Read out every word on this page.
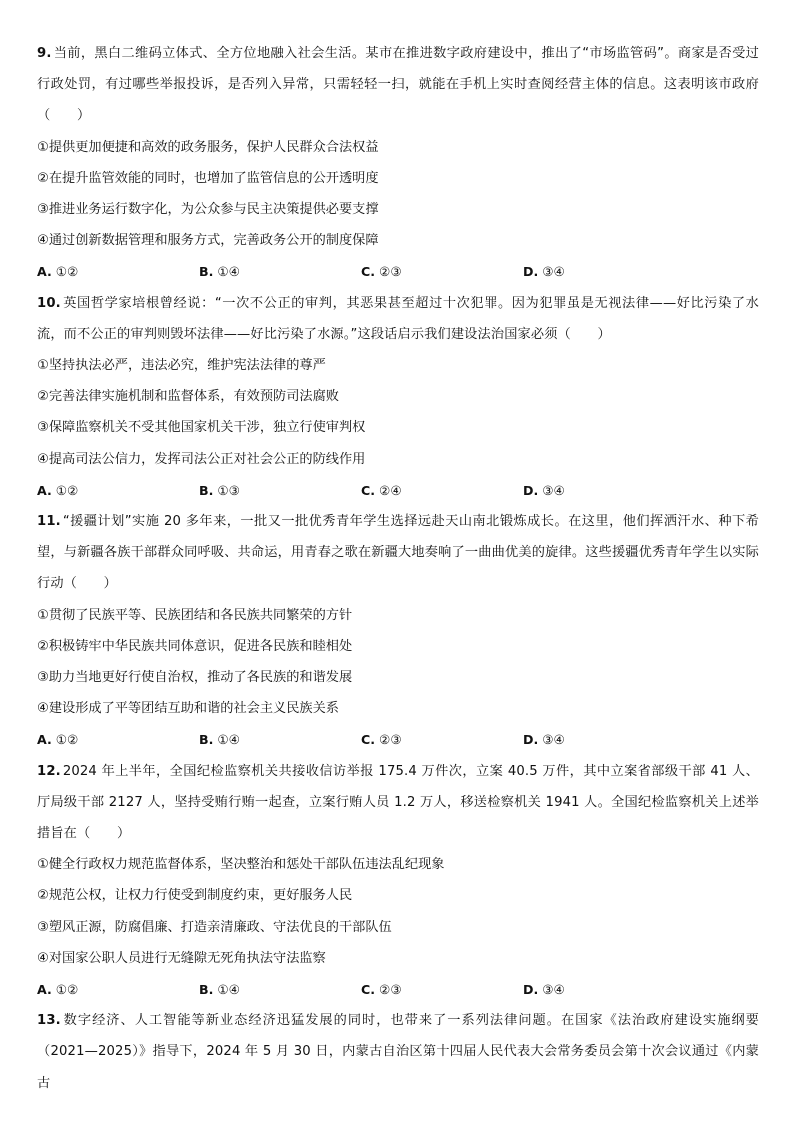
9. 当前，黑白二维码立体式、全方位地融入社会生活。某市在推进数字政府建设中，推出了“市场监管码”。商家是否受过行政处罚，有过哪些举报投诉，是否列入异常，只需轻轻一扫，就能在手机上实时查阅经营主体的信息。这表明该市政府（　　）

①提供更加便捷和高效的政务服务，保护人民群众合法权益

②在提升监管效能的同时，也增加了监管信息的公开透明度

③推进业务运行数字化，为公众参与民主决策提供必要支撑

④通过创新数据管理和服务方式，完善政务公开的制度保障

A. ①②	B. ①④	C. ②③	D. ③④

10. 英国哲学家培根曾经说：“一次不公正的审判，其恶果甚至超过十次犯罪。因为犯罪虽是无视法律——好比污染了水流，而不公正的审判则毁坏法律——好比污染了水源。”这段话启示我们建设法治国家必须（　　）

①坚持执法必严，违法必究，维护宪法法律的尊严

②完善法律实施机制和监督体系，有效预防司法腐败

③保障监察机关不受其他国家机关干涉，独立行使审判权

④提高司法公信力，发挥司法公正对社会公正的防线作用

A. ①②	B. ①③	C. ②④	D. ③④

11. “援疆计划”实施 20 多年来，一批又一批优秀青年学生选择远赴天山南北锻炼成长。在这里，他们挥洒汗水、种下希望，与新疆各族干部群众同呼吸、共命运，用青春之歌在新疆大地奏响了一曲曲优美的旋律。这些援疆优秀青年学生以实际行动（　　）

①贯彻了民族平等、民族团结和各民族共同繁荣的方针

②积极铸牢中华民族共同体意识，促进各民族和睦相处

③助力当地更好行使自治权，推动了各民族的和谐发展

④建设形成了平等团结互助和谐的社会主义民族关系

A. ①②	B. ①④	C. ②③	D. ③④

12. 2024 年上半年，全国纪检监察机关共接收信访举报 175.4 万件次，立案 40.5 万件，其中立案省部级干部 41 人、厅局级干部 2127 人，坚持受贿行贿一起查，立案行贿人员 1.2 万人，移送检察机关 1941 人。全国纪检监察机关上述举措旨在（　　）

①健全行政权力规范监督体系，坚决整治和惩处干部队伍违法乱纪现象

②规范公权，让权力行使受到制度约束，更好服务人民

③塑风正源，防腐倡廉、打造亲清廉政、守法优良的干部队伍

④对国家公职人员进行无缝隙无死角执法守法监察

A. ①②	B. ①④	C. ②③	D. ③④

13. 数字经济、人工智能等新业态经济迅猛发展的同时，也带来了一系列法律问题。在国家《法治政府建设实施纲要（2021—2025）》指导下，2024 年 5 月 30 日，内蒙古自治区第十四届人民代表大会常务委员会第十次会议通过《内蒙古
